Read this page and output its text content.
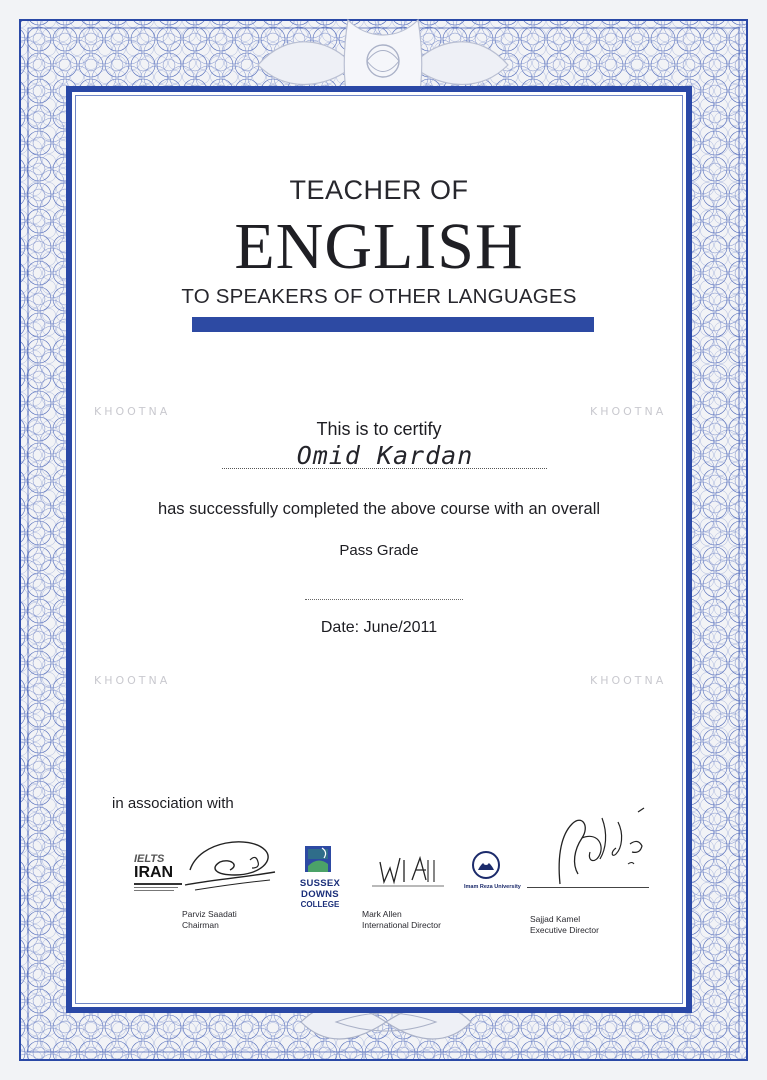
TEACHER OF
ENGLISH
TO SPEAKERS OF OTHER LANGUAGES
KHOOTNA	KHOOTNA
KHOOTNA	KHOOTNA
This is to certify
Omid Kardan
has successfully completed the above course with an overall
Pass Grade
Date: June/2011
in association with
IELTS
IRAN
Parviz Saadati
Chairman
SUSSEX DOWNS
COLLEGE
Mark Allen
International Director
Imam Reza University
Sajjad Kamel
Executive Director
